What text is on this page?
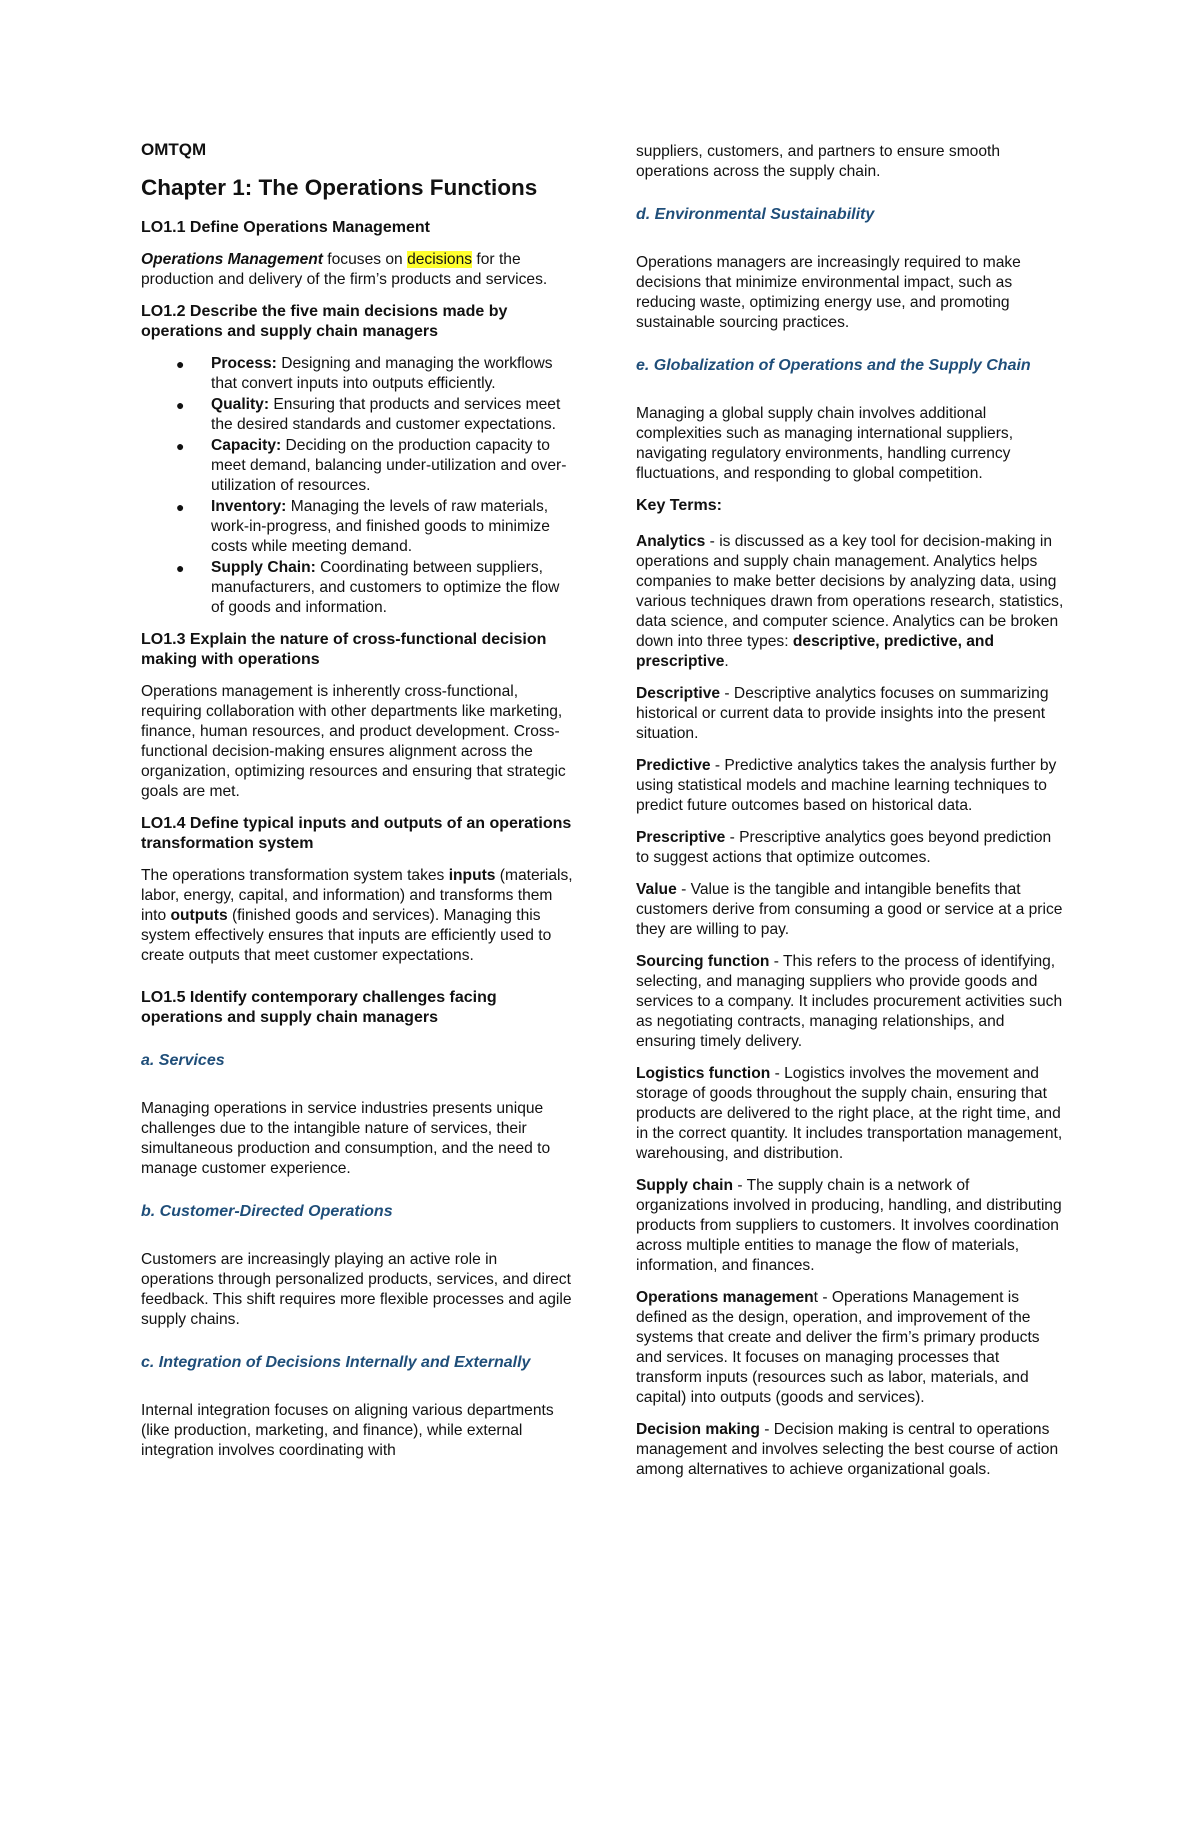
OMTQM

Chapter 1: The Operations Functions

LO1.1 Define Operations Management

Operations Management focuses on decisions for the production and delivery of the firm’s products and services.

LO1.2 Describe the five main decisions made by operations and supply chain managers

● Process: Designing and managing the workflows that convert inputs into outputs efficiently.
● Quality: Ensuring that products and services meet the desired standards and customer expectations.
● Capacity: Deciding on the production capacity to meet demand, balancing under-utilization and over-utilization of resources.
● Inventory: Managing the levels of raw materials, work-in-progress, and finished goods to minimize costs while meeting demand.
● Supply Chain: Coordinating between suppliers, manufacturers, and customers to optimize the flow of goods and information.

LO1.3 Explain the nature of cross-functional decision making with operations

Operations management is inherently cross-functional, requiring collaboration with other departments like marketing, finance, human resources, and product development. Cross-functional decision-making ensures alignment across the organization, optimizing resources and ensuring that strategic goals are met.

LO1.4 Define typical inputs and outputs of an operations transformation system

The operations transformation system takes inputs (materials, labor, energy, capital, and information) and transforms them into outputs (finished goods and services). Managing this system effectively ensures that inputs are efficiently used to create outputs that meet customer expectations.

LO1.5 Identify contemporary challenges facing operations and supply chain managers

a. Services

Managing operations in service industries presents unique challenges due to the intangible nature of services, their simultaneous production and consumption, and the need to manage customer experience.

b. Customer-Directed Operations

Customers are increasingly playing an active role in operations through personalized products, services, and direct feedback. This shift requires more flexible processes and agile supply chains.

c. Integration of Decisions Internally and Externally

Internal integration focuses on aligning various departments (like production, marketing, and finance), while external integration involves coordinating with

suppliers, customers, and partners to ensure smooth operations across the supply chain.

d. Environmental Sustainability

Operations managers are increasingly required to make decisions that minimize environmental impact, such as reducing waste, optimizing energy use, and promoting sustainable sourcing practices.

e. Globalization of Operations and the Supply Chain

Managing a global supply chain involves additional complexities such as managing international suppliers, navigating regulatory environments, handling currency fluctuations, and responding to global competition.

Key Terms:

Analytics - is discussed as a key tool for decision-making in operations and supply chain management. Analytics helps companies to make better decisions by analyzing data, using various techniques drawn from operations research, statistics, data science, and computer science. Analytics can be broken down into three types: descriptive, predictive, and prescriptive.

Descriptive - Descriptive analytics focuses on summarizing historical or current data to provide insights into the present situation.

Predictive - Predictive analytics takes the analysis further by using statistical models and machine learning techniques to predict future outcomes based on historical data.

Prescriptive - Prescriptive analytics goes beyond prediction to suggest actions that optimize outcomes.

Value - Value is the tangible and intangible benefits that customers derive from consuming a good or service at a price they are willing to pay.

Sourcing function - This refers to the process of identifying, selecting, and managing suppliers who provide goods and services to a company. It includes procurement activities such as negotiating contracts, managing relationships, and ensuring timely delivery.

Logistics function - Logistics involves the movement and storage of goods throughout the supply chain, ensuring that products are delivered to the right place, at the right time, and in the correct quantity. It includes transportation management, warehousing, and distribution.

Supply chain - The supply chain is a network of organizations involved in producing, handling, and distributing products from suppliers to customers. It involves coordination across multiple entities to manage the flow of materials, information, and finances.

Operations management - Operations Management is defined as the design, operation, and improvement of the systems that create and deliver the firm’s primary products and services. It focuses on managing processes that transform inputs (resources such as labor, materials, and capital) into outputs (goods and services).

Decision making - Decision making is central to operations management and involves selecting the best course of action among alternatives to achieve organizational goals.
